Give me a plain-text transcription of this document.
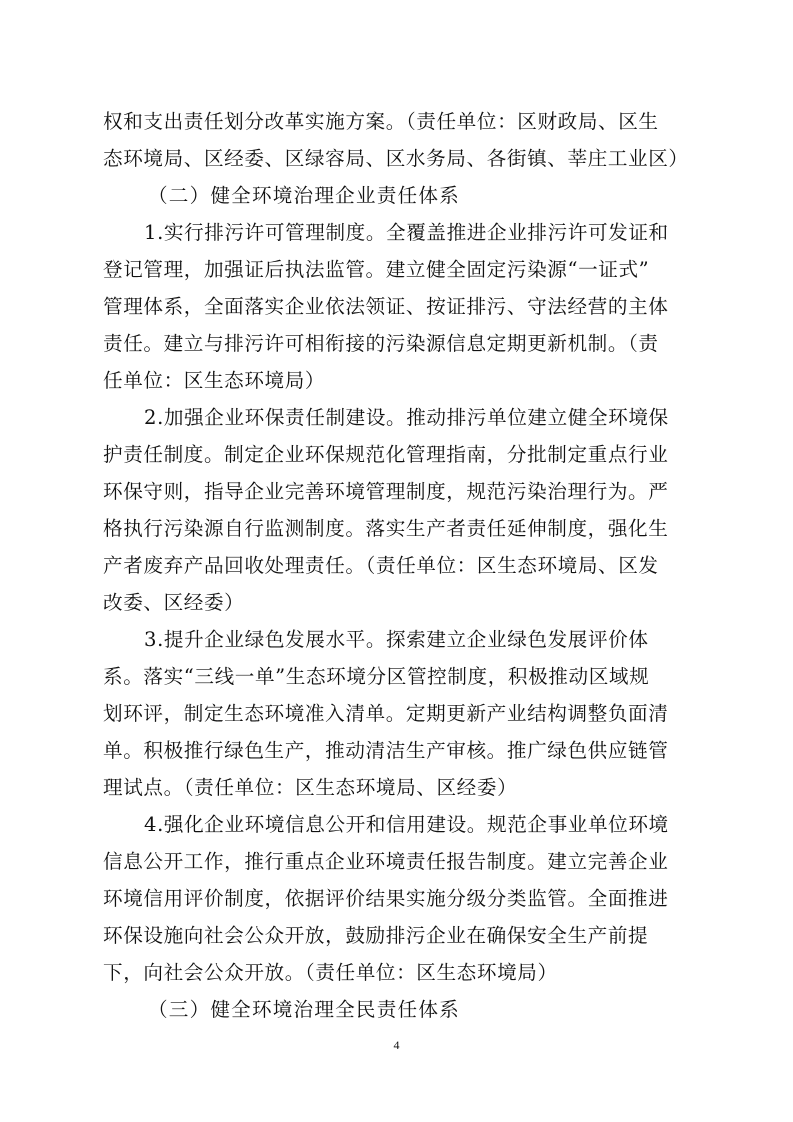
权和支出责任划分改革实施方案。（责任单位：区财政局、区生
态环境局、区经委、区绿容局、区水务局、各街镇、莘庄工业区）
（二）健全环境治理企业责任体系
1.实行排污许可管理制度。全覆盖推进企业排污许可发证和
登记管理，加强证后执法监管。建立健全固定污染源“一证式”
管理体系，全面落实企业依法领证、按证排污、守法经营的主体
责任。建立与排污许可相衔接的污染源信息定期更新机制。（责
任单位：区生态环境局）
2.加强企业环保责任制建设。推动排污单位建立健全环境保
护责任制度。制定企业环保规范化管理指南，分批制定重点行业
环保守则，指导企业完善环境管理制度，规范污染治理行为。严
格执行污染源自行监测制度。落实生产者责任延伸制度，强化生
产者废弃产品回收处理责任。（责任单位：区生态环境局、区发
改委、区经委）
3.提升企业绿色发展水平。探索建立企业绿色发展评价体
系。落实“三线一单”生态环境分区管控制度，积极推动区域规
划环评，制定生态环境准入清单。定期更新产业结构调整负面清
单。积极推行绿色生产，推动清洁生产审核。推广绿色供应链管
理试点。（责任单位：区生态环境局、区经委）
4.强化企业环境信息公开和信用建设。规范企事业单位环境
信息公开工作，推行重点企业环境责任报告制度。建立完善企业
环境信用评价制度，依据评价结果实施分级分类监管。全面推进
环保设施向社会公众开放，鼓励排污企业在确保安全生产前提
下，向社会公众开放。（责任单位：区生态环境局）
（三）健全环境治理全民责任体系
4
